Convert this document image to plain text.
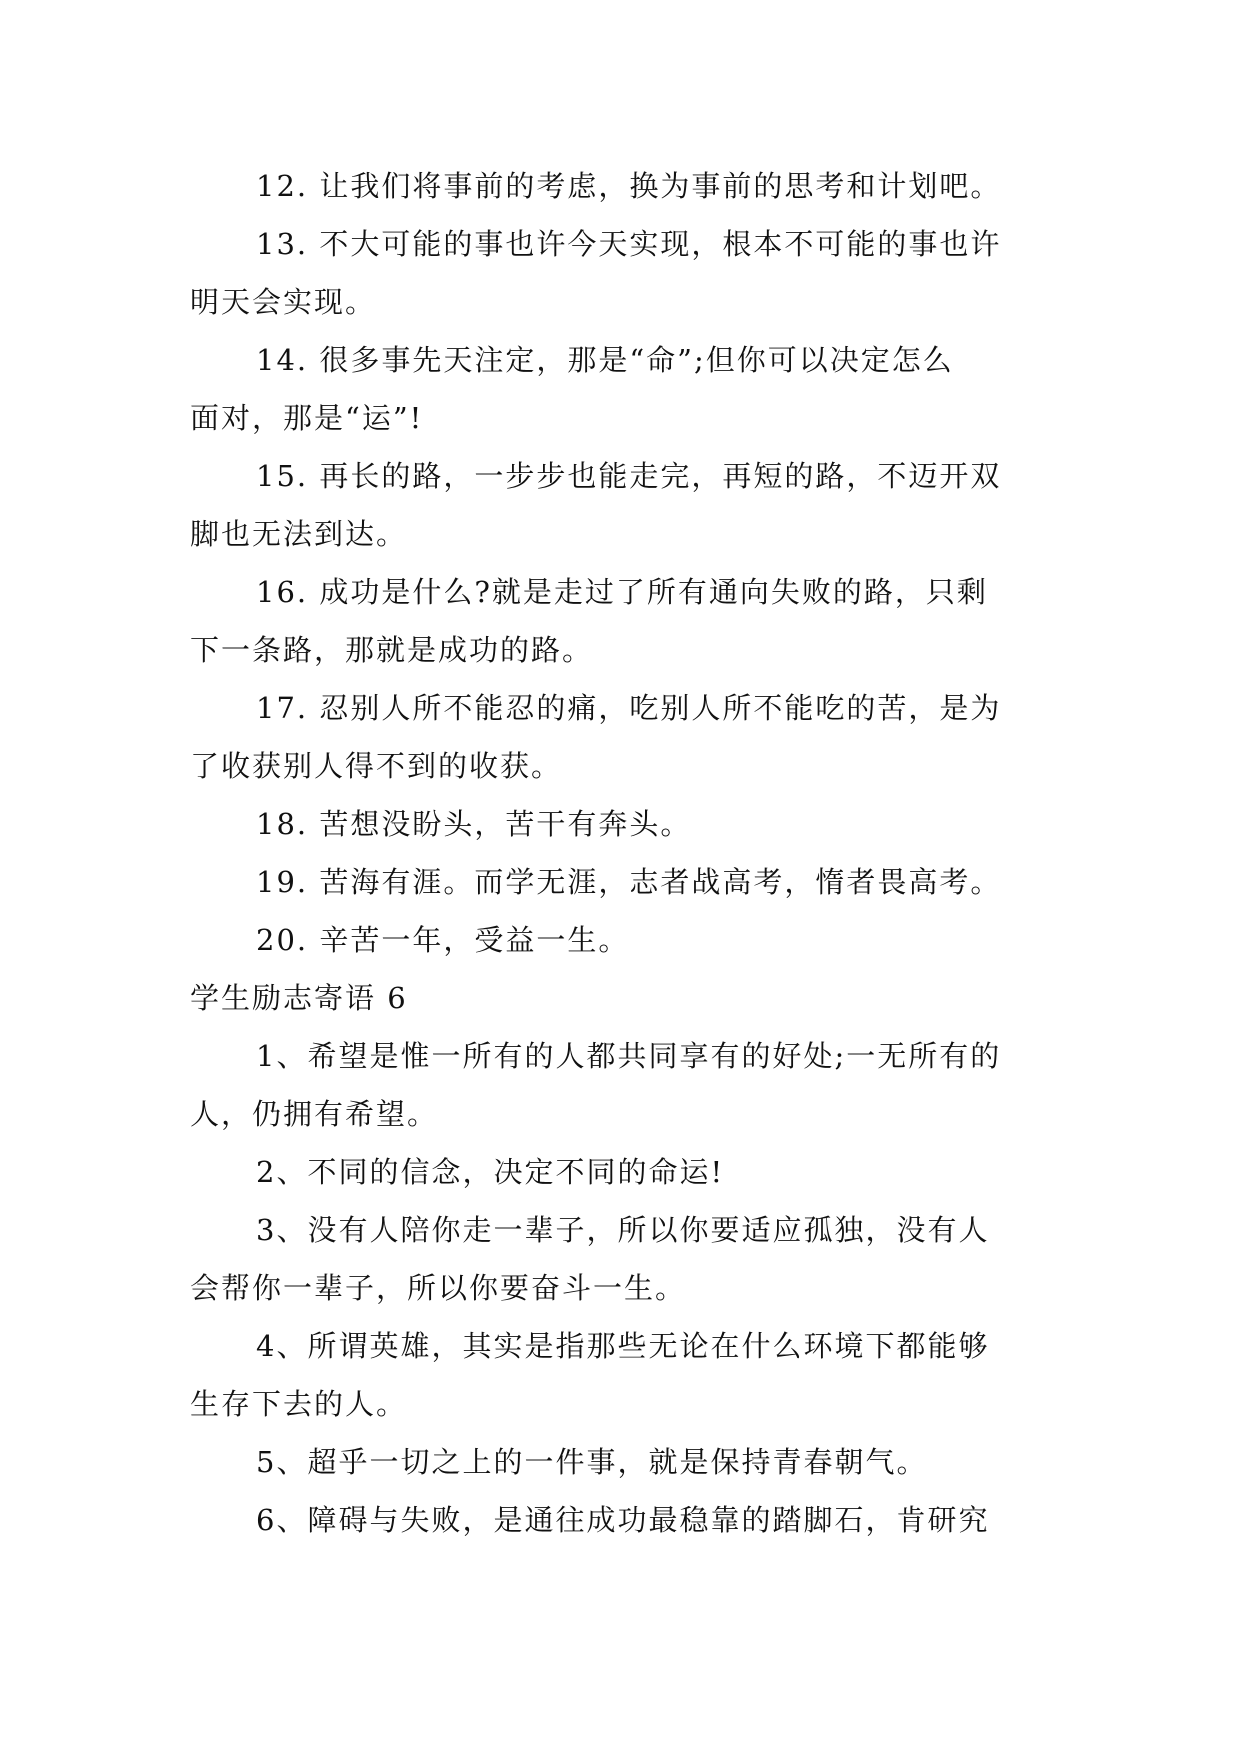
12. 让我们将事前的考虑，换为事前的思考和计划吧。
13. 不大可能的事也许今天实现，根本不可能的事也许
明天会实现。
14. 很多事先天注定，那是“命”;但你可以决定怎么
面对，那是“运”!
15. 再长的路，一步步也能走完，再短的路，不迈开双
脚也无法到达。
16. 成功是什么?就是走过了所有通向失败的路，只剩
下一条路，那就是成功的路。
17. 忍别人所不能忍的痛，吃别人所不能吃的苦，是为
了收获别人得不到的收获。
18. 苦想没盼头，苦干有奔头。
19. 苦海有涯。而学无涯，志者战高考，惰者畏高考。
20. 辛苦一年，受益一生。
学生励志寄语 6
1、希望是惟一所有的人都共同享有的好处;一无所有的
人，仍拥有希望。
2、不同的信念，决定不同的命运!
3、没有人陪你走一辈子，所以你要适应孤独，没有人
会帮你一辈子，所以你要奋斗一生。
4、所谓英雄，其实是指那些无论在什么环境下都能够
生存下去的人。
5、超乎一切之上的一件事，就是保持青春朝气。
6、障碍与失败，是通往成功最稳靠的踏脚石，肯研究
